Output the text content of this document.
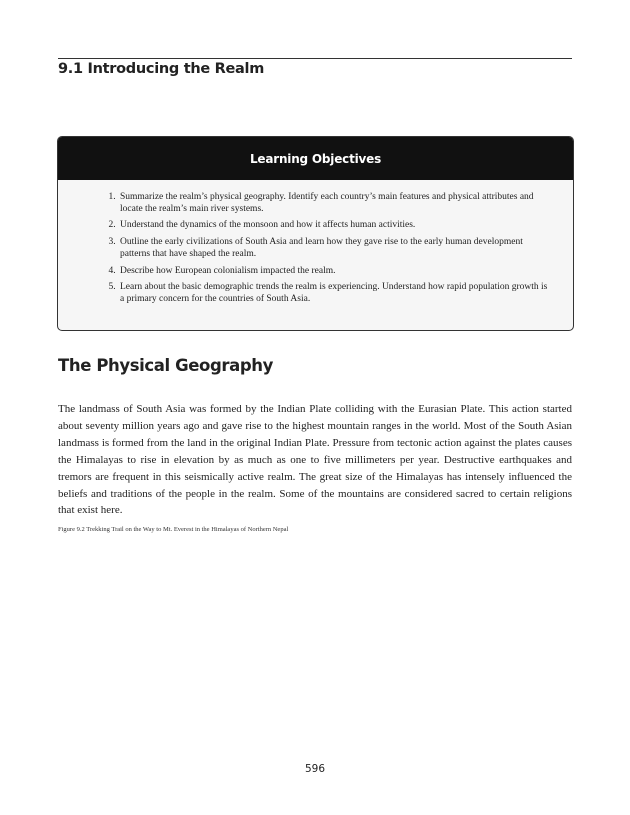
9.1 Introducing the Realm
Learning Objectives
1. Summarize the realm’s physical geography. Identify each country’s main features and physical attributes and locate the realm’s main river systems.
2. Understand the dynamics of the monsoon and how it affects human activities.
3. Outline the early civilizations of South Asia and learn how they gave rise to the early human development patterns that have shaped the realm.
4. Describe how European colonialism impacted the realm.
5. Learn about the basic demographic trends the realm is experiencing. Understand how rapid population growth is a primary concern for the countries of South Asia.
The Physical Geography

The landmass of South Asia was formed by the Indian Plate colliding with the Eurasian Plate. This action started about seventy million years ago and gave rise to the highest mountain ranges in the world. Most of the South Asian landmass is formed from the land in the original Indian Plate. Pressure from tectonic action against the plates causes the Himalayas to rise in elevation by as much as one to five millimeters per year. Destructive earthquakes and tremors are frequent in this seismically active realm. The great size of the Himalayas has intensely influenced the beliefs and traditions of the people in the realm. Some of the mountains are considered sacred to certain religions that exist here.

Figure 9.2 Trekking Trail on the Way to Mt. Everest in the Himalayas of Northern Nepal

596
